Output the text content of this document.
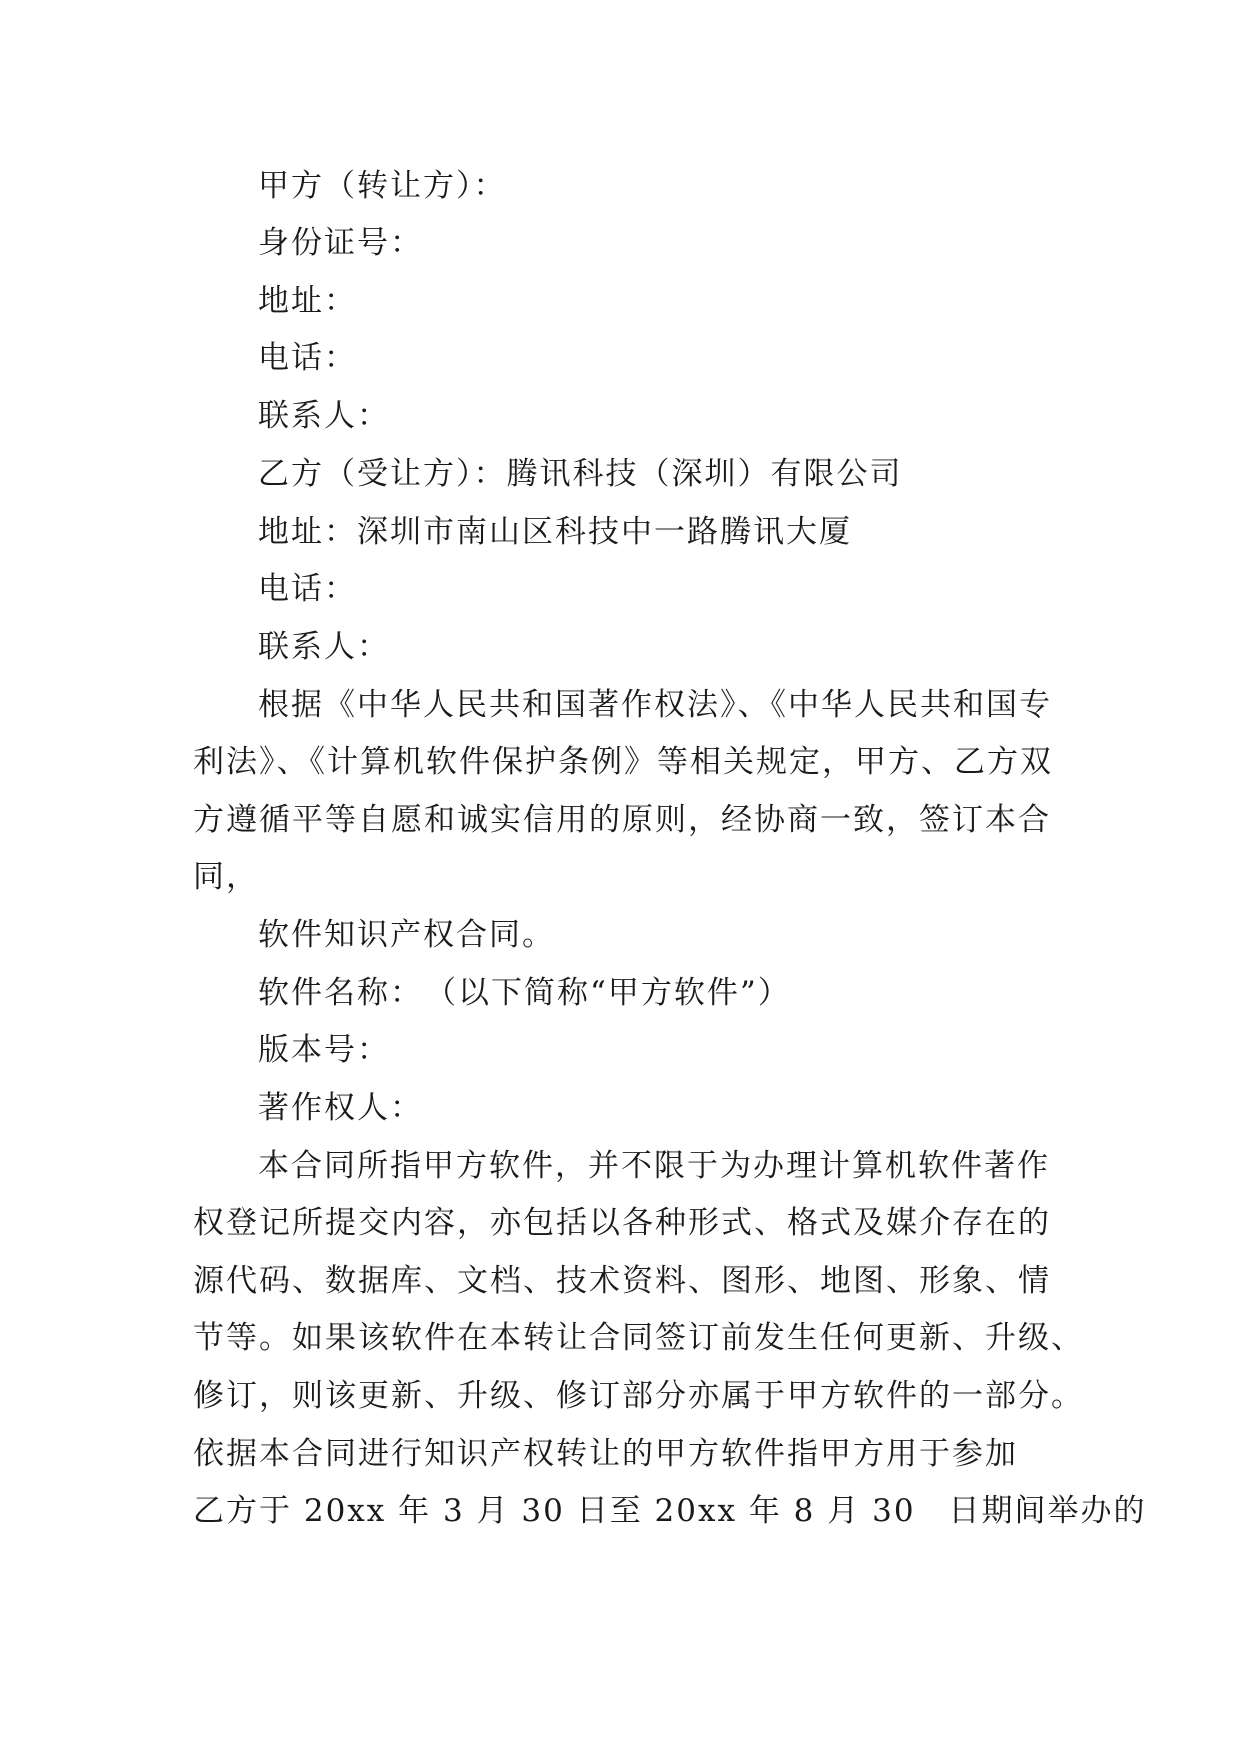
甲方（转让方）：
身份证号：
地址：
电话：
联系人：
乙方（受让方）：腾讯科技（深圳）有限公司
地址：深圳市南山区科技中一路腾讯大厦
电话：
联系人：
根据《中华人民共和国著作权法》、《中华人民共和国专
利法》、《计算机软件保护条例》等相关规定，甲方、乙方双
方遵循平等自愿和诚实信用的原则，经协商一致，签订本合
同，
软件知识产权合同。
软件名称：　（以下简称“甲方软件”）
版本号：
著作权人：
本合同所指甲方软件，并不限于为办理计算机软件著作
权登记所提交内容，亦包括以各种形式、格式及媒介存在的
源代码、数据库、文档、技术资料、图形、地图、形象、情
节等。如果该软件在本转让合同签订前发生任何更新、升级、
修订，则该更新、升级、修订部分亦属于甲方软件的一部分。
依据本合同进行知识产权转让的甲方软件指甲方用于参加
乙方于 20xx 年 3 月 30 日至 20xx 年 8 月 30　日期间举办的
